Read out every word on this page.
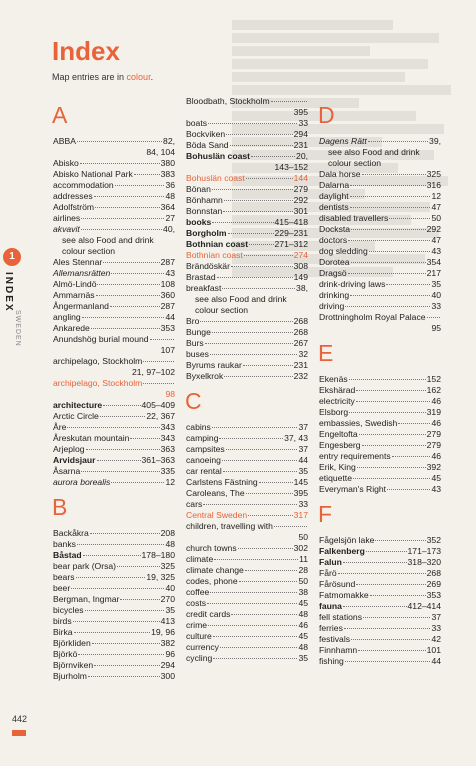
Index
Map entries are in colour.
1
INDEX
SWEDEN
A
ABBA	82,
84, 104
Abisko	380
Abisko National Park	383
accommodation	36
addresses	48
Adolfström	364
airlines	27
akvavit	40,
see also Food and drink
colour section
Ales Stennar	287
Allemansrätten	43
Almö-Lindö	108
Ammarnäs	360
Ångermanland	287
angling	44
Ankarede	353
Anundshög burial mound
107
archipelago, Stockholm
21, 97–102
archipelago, Stockholm
98
architecture	405–409
Arctic Circle	22, 367
Åre	343
Åreskutan mountain	343
Arjeplog	363
Arvidsjaur	361–363
Åsarna	335
aurora borealis	12
B
Backåkra	208
banks	48
Båstad	178–180
bear park (Orsa)	325
bears	19, 325
beer	40
Bergman, Ingmar	270
bicycles	35
birds	413
Birka	19, 96
Björkliden	382
Björkö	96
Björnviken	294
Bjurholm	300
Bloodbath, Stockholm
395
boats	33
Bockviken	294
Böda Sand	231
Bohuslän coast	20,
143–152
Bohuslän coast	144
Bönan	279
Bönhamn	292
Bonnstan	301
books	415–418
Borgholm	229–231
Bothnian coast	271–312
Bothnian coast	274
Brändöskär	308
Brastad	149
breakfast	38,
see also Food and drink
colour section
Bro	268
Bunge	268
Burs	267
buses	32
Byrums raukar	231
Byxelkrok	232
C
cabins	37
camping	37, 43
campsites	37
canoeing	44
car rental	35
Carlstens Fästning	145
Caroleans, The	395
cars	33
Central Sweden	317
children, travelling with
50
church towns	302
climate	11
climate change	28
codes, phone	50
coffee	38
costs	45
credit cards	48
crime	46
culture	45
currency	48
cycling	35
D
Dagens Rätt	39,
see also Food and drink
colour section
Dala horse	325
Dalarna	316
daylight	12
dentists	47
disabled travellers	50
Docksta	292
doctors	47
dog sledding	43
Dorotea	354
Dragsö	217
drink-driving laws	35
drinking	40
driving	33
Drottningholm Royal Palace
95
E
Ekenäs	152
Ekshärad	162
electricity	46
Elsborg	319
embassies, Swedish	46
Engeltofta	279
Engesberg	279
entry requirements	46
Erik, King	392
etiquette	45
Everyman's Right	43
F
Fågelsjön lake	352
Falkenberg	171–173
Falun	318–320
Fårö	268
Fårösund	269
Fatmomakke	353
fauna	412–414
fell stations	37
ferries	33
festivals	42
Finnhamn	101
fishing	44
442
